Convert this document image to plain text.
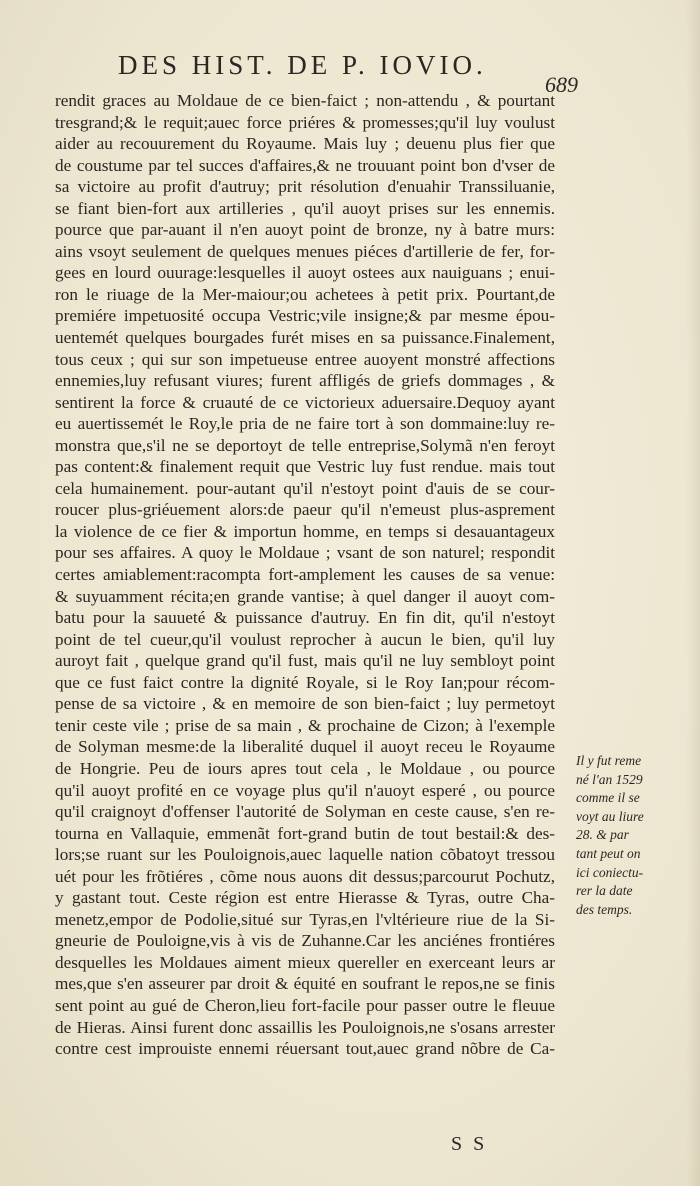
DES HIST. DE P. IOVIO.
689
rendit graces au Moldaue de ce bien-faict ; non-attendu , & pourtant
tresgrand;& le requit;auec force priéres & promesses;qu'il luy voulust
aider au recouurement du Royaume. Mais luy ; deuenu plus fier que
de coustume par tel succes d'affaires,& ne trouuant point bon d'vser de
sa victoire au profit d'autruy; prit résolution d'enuahir Transsiluanie,
se fiant bien-fort aux artilleries , qu'il auoyt prises sur les ennemis.
pource que par-auant il n'en auoyt point de bronze, ny à batre murs:
ains vsoyt seulement de quelques menues piéces d'artillerie de fer, for-
gees en lourd ouurage:lesquelles il auoyt ostees aux nauiguans ; enui-
ron le riuage de la Mer-maiour;ou achetees à petit prix. Pourtant,de
premiére impetuosité occupa Vestric;vile insigne;& par mesme épou-
uentemét quelques bourgades furét mises en sa puissance.Finalement,
tous ceux ; qui sur son impetueuse entree auoyent monstré affections
ennemies,luy refusant viures; furent affligés de griefs dommages , &
sentirent la force & cruauté de ce victorieux aduersaire.Dequoy ayant
eu auertissemét le Roy,le pria de ne faire tort à son dommaine:luy re-
monstra que,s'il ne se deportoyt de telle entreprise,Solymã n'en feroyt
pas content:& finalement requit que Vestric luy fust rendue. mais tout
cela humainement. pour-autant qu'il n'estoyt point d'auis de se cour-
roucer plus-griéuement alors:de paeur qu'il n'emeust plus-asprement
la violence de ce fier & importun homme, en temps si desauantageux
pour ses affaires. A quoy le Moldaue ; vsant de son naturel; respondit
certes amiablement:racompta fort-amplement les causes de sa venue:
& suyuamment récita;en grande vantise; à quel danger il auoyt com-
batu pour la sauueté & puissance d'autruy. En fin dit, qu'il n'estoyt
point de tel cueur,qu'il voulust reprocher à aucun le bien, qu'il luy
auroyt fait , quelque grand qu'il fust, mais qu'il ne luy sembloyt point
que ce fust faict contre la dignité Royale, si le Roy Ian;pour récom-
pense de sa victoire , & en memoire de son bien-faict ; luy permetoyt
tenir ceste vile ; prise de sa main , & prochaine de Cizon; à l'exemple
de Solyman mesme:de la liberalité duquel il auoyt receu le Royaume
de Hongrie. Peu de iours apres tout cela , le Moldaue , ou pource
qu'il auoyt profité en ce voyage plus qu'il n'auoyt esperé , ou pource
qu'il craignoyt d'offenser l'autorité de Solyman en ceste cause, s'en re-
tourna en Vallaquie, emmenãt fort-grand butin de tout bestail:& des-
lors;se ruant sur les Pouloignois,auec laquelle nation cõbatoyt tressou
uét pour les frõtiéres , cõme nous auons dit dessus;parcourut Pochutz,
y gastant tout. Ceste région est entre Hierasse & Tyras, outre Cha-
menetz,empor de Podolie,situé sur Tyras,en l'vltérieure riue de la Si-
gneurie de Pouloigne,vis à vis de Zuhanne.Car les anciénes frontiéres
desquelles les Moldaues aiment mieux quereller en exerceant leurs ar
mes,que s'en asseurer par droit & équité en soufrant le repos,ne se finis
sent point au gué de Cheron,lieu fort-facile pour passer outre le fleuue
de Hieras. Ainsi furent donc assaillis les Pouloignois,ne s'osans arrester
contre cest improuiste ennemi réuersant tout,auec grand nõbre de Ca-
Il y fut reme
né l'an 1529
comme il se
voyt au liure
28. & par
tant peut on
ici coniectu-
rer la date
des temps.
S S
